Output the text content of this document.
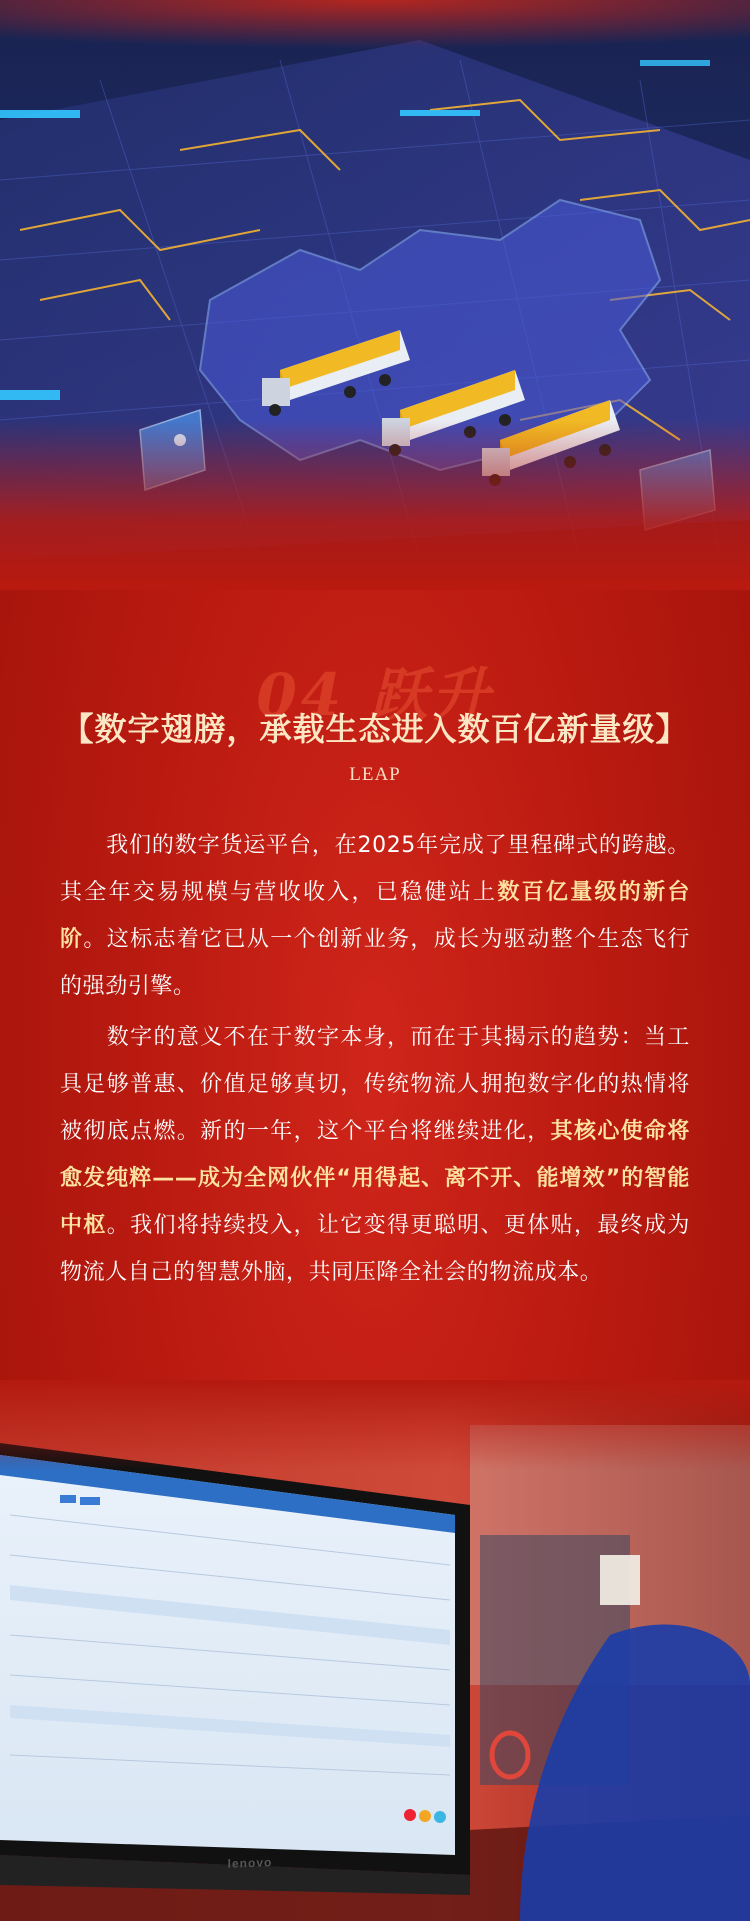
04 跃升
【数字翅膀，承载生态进入数百亿新量级】
LEAP
我们的数字货运平台，在2025年完成了里程碑式的跨越。其全年交易规模与营收收入，已稳健站上数百亿量级的新台阶。这标志着它已从一个创新业务，成长为驱动整个生态飞行的强劲引擎。
数字的意义不在于数字本身，而在于其揭示的趋势：当工具足够普惠、价值足够真切，传统物流人拥抱数字化的热情将被彻底点燃。新的一年，这个平台将继续进化，其核心使命将愈发纯粹——成为全网伙伴“用得起、离不开、能增效”的智能中枢。我们将持续投入，让它变得更聪明、更体贴，最终成为物流人自己的智慧外脑，共同压降全社会的物流成本。
lenovo
